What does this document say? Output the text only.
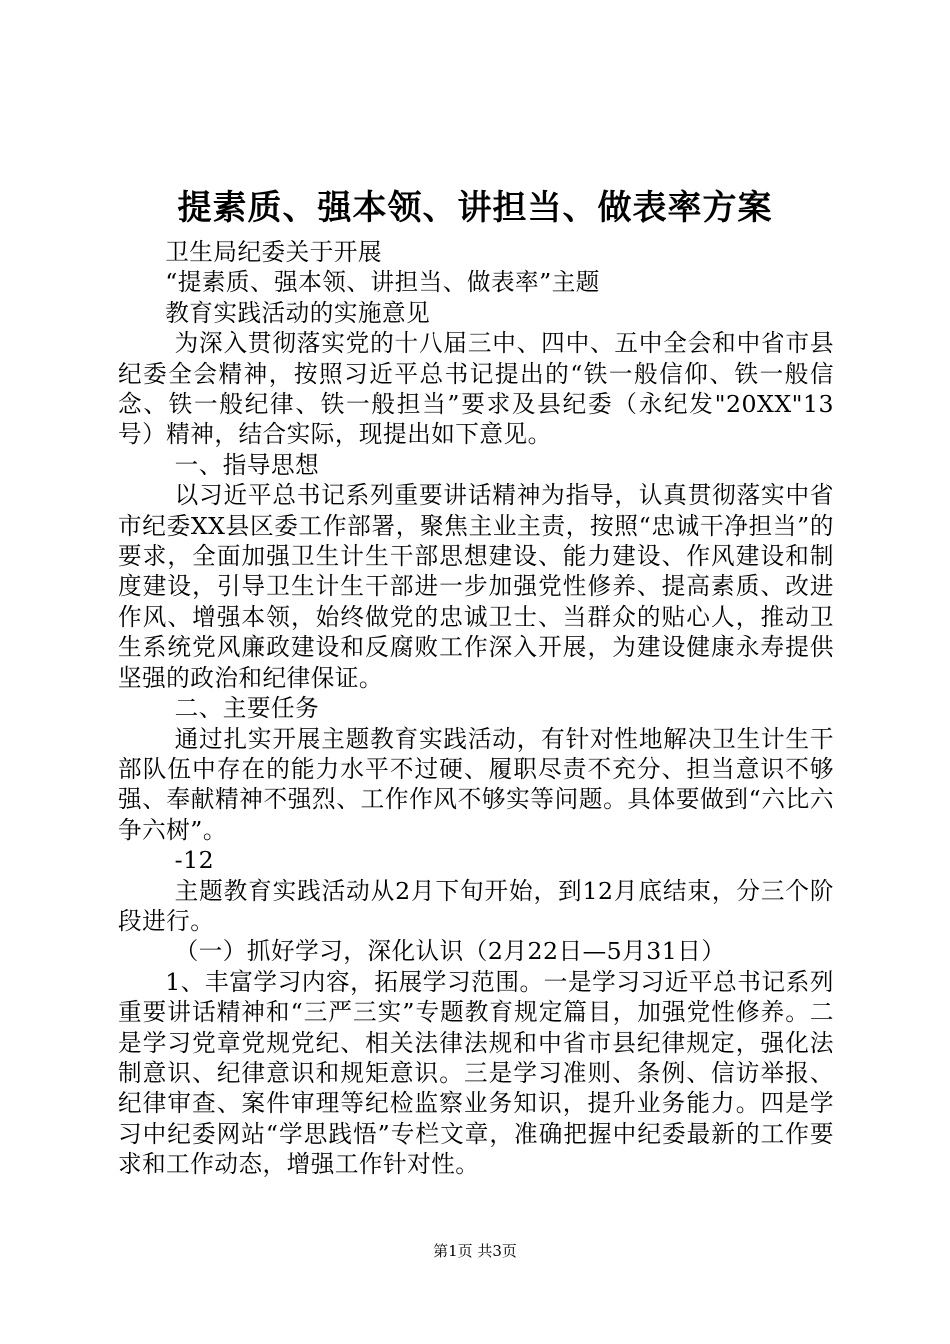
提素质、强本领、讲担当、做表率方案

卫生局纪委关于开展

“提素质、强本领、讲担当、做表率”主题

教育实践活动的实施意见

为深入贯彻落实党的十八届三中、四中、五中全会和中省市县纪委全会精神，按照习近平总书记提出的“铁一般信仰、铁一般信念、铁一般纪律、铁一般担当”要求及县纪委（永纪发"20XX"13号）精神，结合实际，现提出如下意见。

一、指导思想

以习近平总书记系列重要讲话精神为指导，认真贯彻落实中省市纪委XX县区委工作部署，聚焦主业主责，按照“忠诚干净担当”的要求，全面加强卫生计生干部思想建设、能力建设、作风建设和制度建设，引导卫生计生干部进一步加强党性修养、提高素质、改进作风、增强本领，始终做党的忠诚卫士、当群众的贴心人，推动卫生系统党风廉政建设和反腐败工作深入开展，为建设健康永寿提供坚强的政治和纪律保证。

二、主要任务

通过扎实开展主题教育实践活动，有针对性地解决卫生计生干部队伍中存在的能力水平不过硬、履职尽责不充分、担当意识不够强、奉献精神不强烈、工作作风不够实等问题。具体要做到“六比六争六树”。

-12

主题教育实践活动从2月下旬开始，到12月底结束，分三个阶段进行。

（一）抓好学习，深化认识（2月22日—5月31日）

1、丰富学习内容，拓展学习范围。一是学习习近平总书记系列重要讲话精神和“三严三实”专题教育规定篇目，加强党性修养。二是学习党章党规党纪、相关法律法规和中省市县纪律规定，强化法制意识、纪律意识和规矩意识。三是学习准则、条例、信访举报、纪律审查、案件审理等纪检监察业务知识，提升业务能力。四是学习中纪委网站“学思践悟”专栏文章，准确把握中纪委最新的工作要求和工作动态，增强工作针对性。

第1页 共3页
